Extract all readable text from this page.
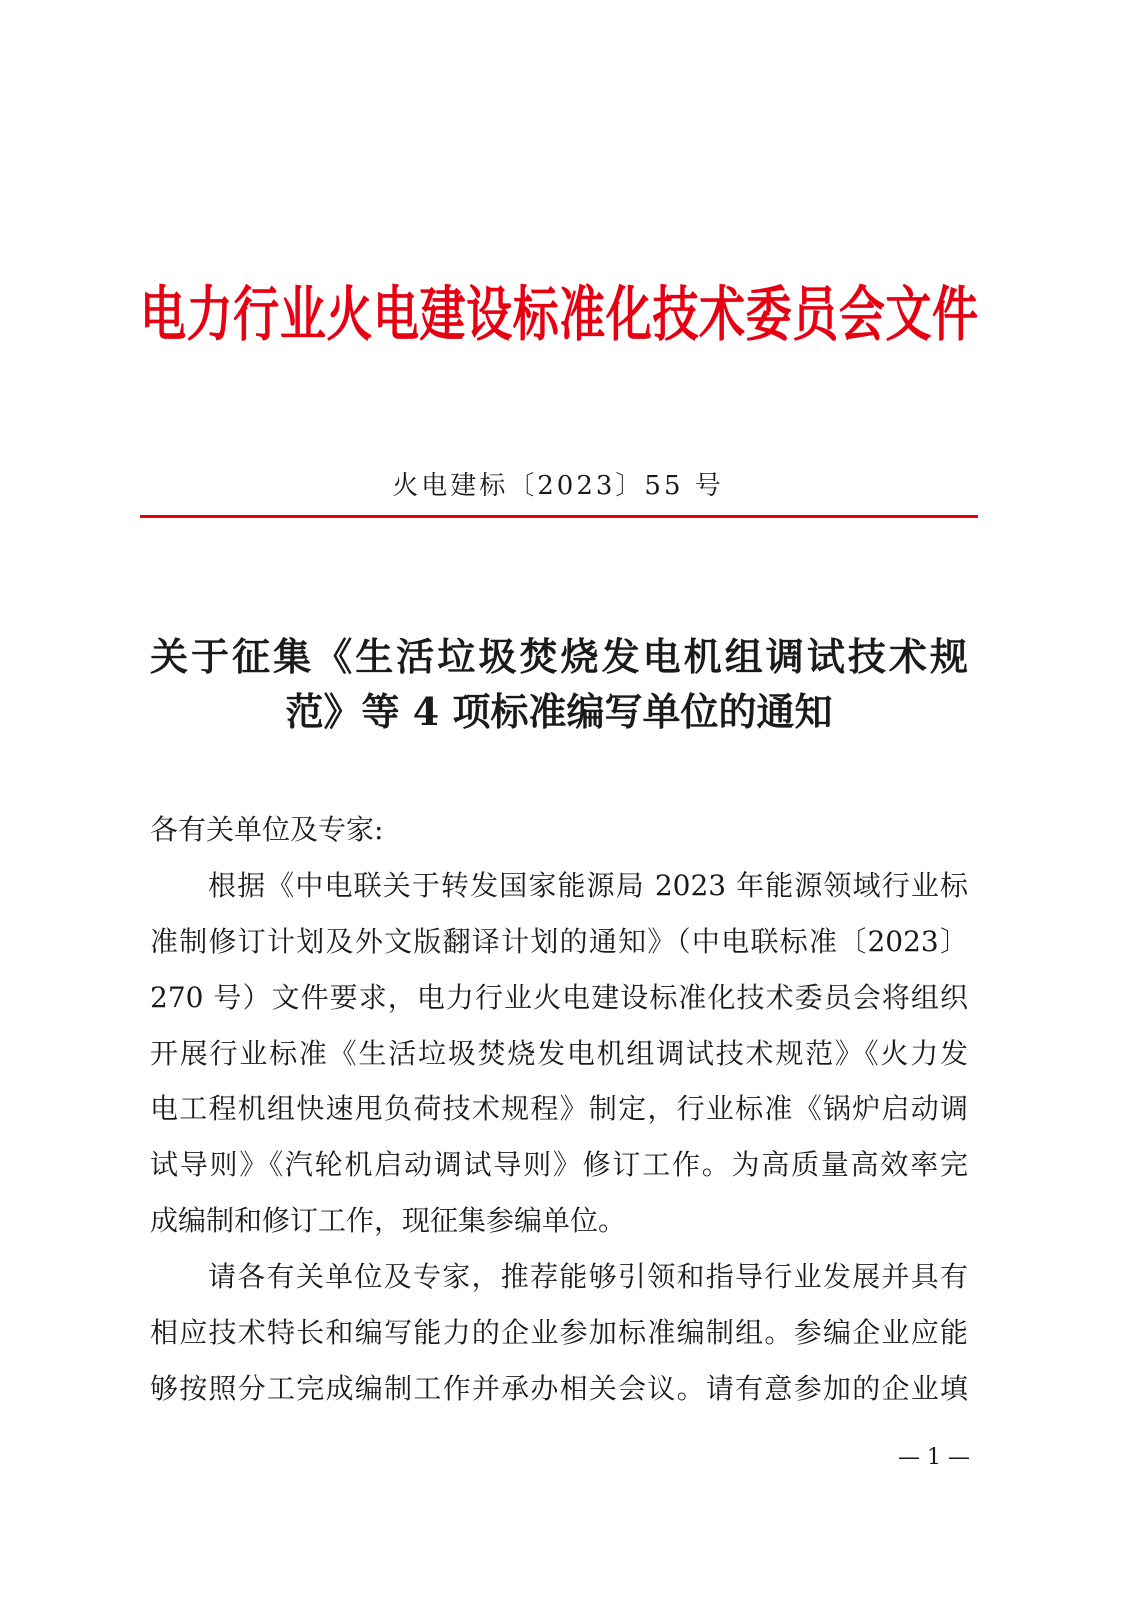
电力行业火电建设标准化技术委员会文件
火电建标〔2023〕55 号
关于征集《生活垃圾焚烧发电机组调试技术规
范》等 4 项标准编写单位的通知
各有关单位及专家:
根据《中电联关于转发国家能源局 2023 年能源领域行业标
准制修订计划及外文版翻译计划的通知》（中电联标准〔2023〕
270 号）文件要求，电力行业火电建设标准化技术委员会将组织
开展行业标准《生活垃圾焚烧发电机组调试技术规范》《火力发
电工程机组快速甩负荷技术规程》制定，行业标准《锅炉启动调
试导则》《汽轮机启动调试导则》修订工作。为高质量高效率完
成编制和修订工作，现征集参编单位。
请各有关单位及专家，推荐能够引领和指导行业发展并具有
相应技术特长和编写能力的企业参加标准编制组。参编企业应能
够按照分工完成编制工作并承办相关会议。请有意参加的企业填
— 1 —
